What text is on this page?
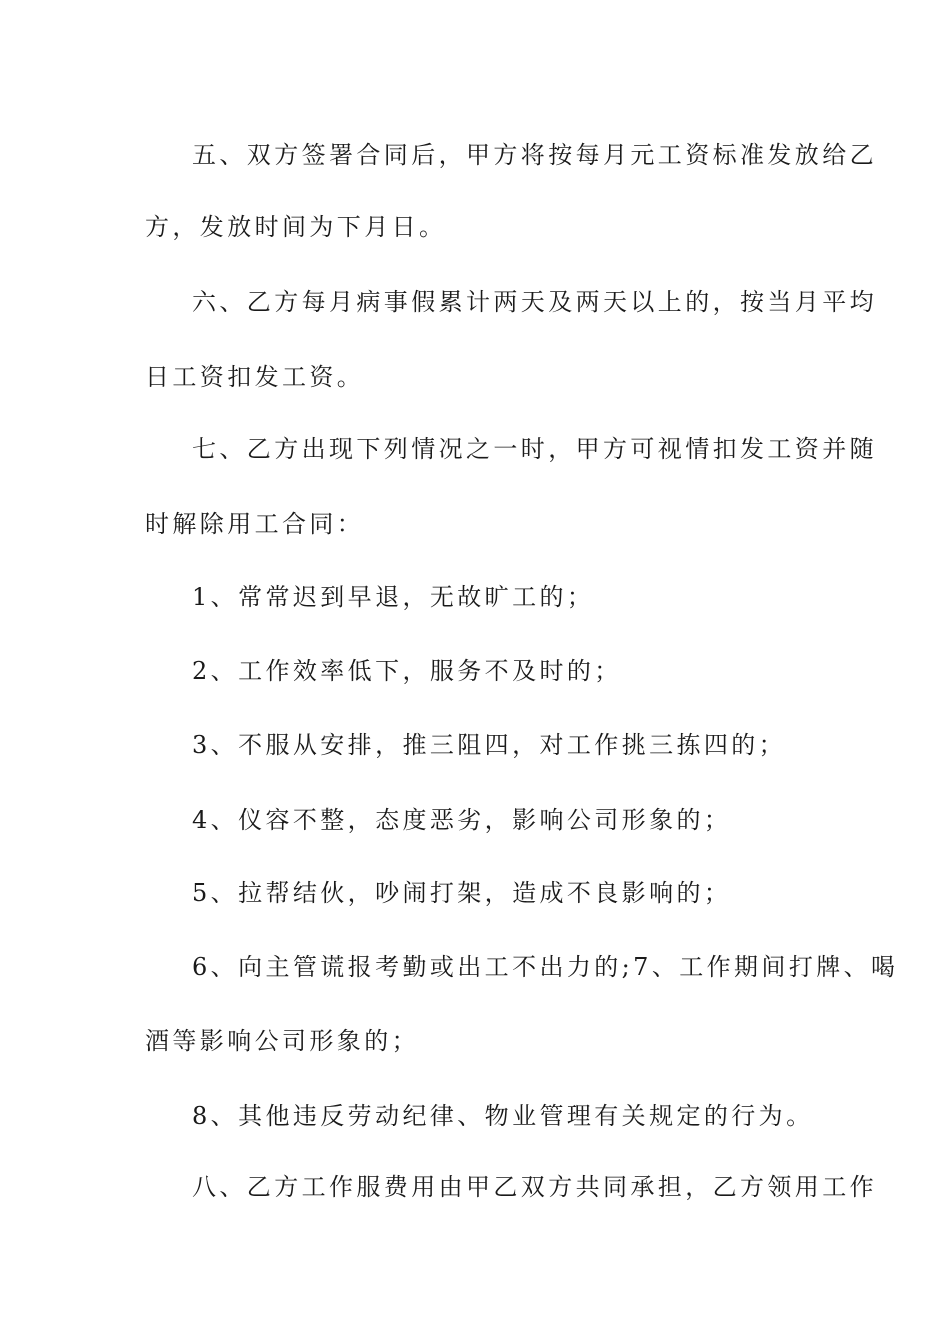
五、双方签署合同后，甲方将按每月元工资标准发放给乙
方，发放时间为下月日。
六、乙方每月病事假累计两天及两天以上的，按当月平均
日工资扣发工资。
七、乙方出现下列情况之一时，甲方可视情扣发工资并随
时解除用工合同：
1、常常迟到早退，无故旷工的；
2、工作效率低下，服务不及时的；
3、不服从安排，推三阻四，对工作挑三拣四的；
4、仪容不整，态度恶劣，影响公司形象的；
5、拉帮结伙，吵闹打架，造成不良影响的；
6、向主管谎报考勤或出工不出力的;7、工作期间打牌、喝
酒等影响公司形象的；
8、其他违反劳动纪律、物业管理有关规定的行为。
八、乙方工作服费用由甲乙双方共同承担，乙方领用工作
